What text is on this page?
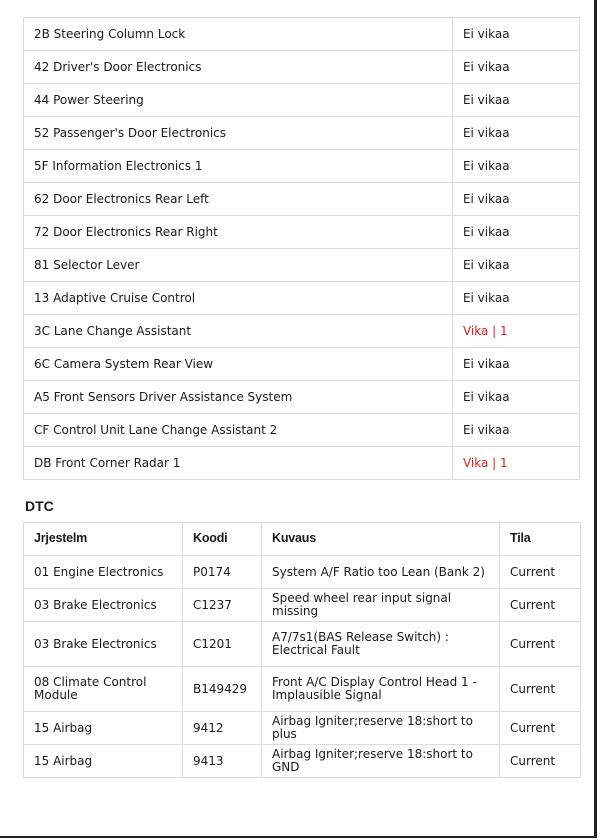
2B Steering Column Lock	Ei vikaa
42 Driver's Door Electronics	Ei vikaa
44 Power Steering	Ei vikaa
52 Passenger's Door Electronics	Ei vikaa
5F Information Electronics 1	Ei vikaa
62 Door Electronics Rear Left	Ei vikaa
72 Door Electronics Rear Right	Ei vikaa
81 Selector Lever	Ei vikaa
13 Adaptive Cruise Control	Ei vikaa
3C Lane Change Assistant	Vika | 1
6C Camera System Rear View	Ei vikaa
A5 Front Sensors Driver Assistance System	Ei vikaa
CF Control Unit Lane Change Assistant 2	Ei vikaa
DB Front Corner Radar 1	Vika | 1
DTC
Jrjestelm	Koodi	Kuvaus	Tila
01 Engine Electronics	P0174	System A/F Ratio too Lean (Bank 2)	Current
03 Brake Electronics	C1237	Speed wheel rear input signal missing	Current
03 Brake Electronics	C1201	A7/7s1(BAS Release Switch) : Electrical Fault	Current
08 Climate Control Module	B149429	Front A/C Display Control Head 1 - Implausible Signal	Current
15 Airbag	9412	Airbag Igniter;reserve 18:short to plus	Current
15 Airbag	9413	Airbag Igniter;reserve 18:short to GND	Current
